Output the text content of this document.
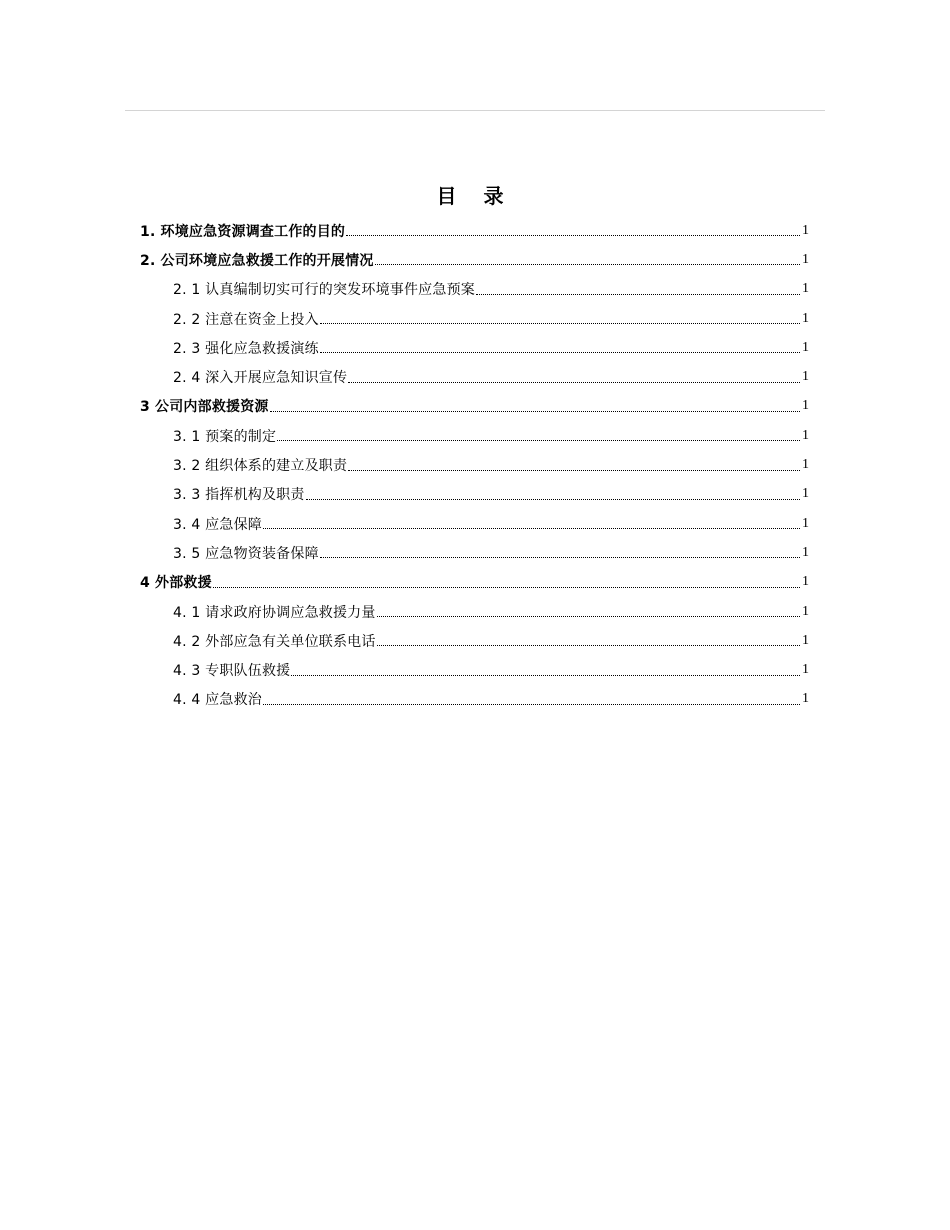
目 录
1. 环境应急资源调查工作的目的	1
2. 公司环境应急救援工作的开展情况	1
2. 1 认真编制切实可行的突发环境事件应急预案	1
2. 2 注意在资金上投入	1
2. 3 强化应急救援演练	1
2. 4 深入开展应急知识宣传	1
3 公司内部救援资源	1
3. 1 预案的制定	1
3. 2 组织体系的建立及职责	1
3. 3 指挥机构及职责	1
3. 4 应急保障	1
3. 5 应急物资装备保障	1
4 外部救援	1
4. 1 请求政府协调应急救援力量	1
4. 2 外部应急有关单位联系电话	1
4. 3 专职队伍救援	1
4. 4 应急救治	1
